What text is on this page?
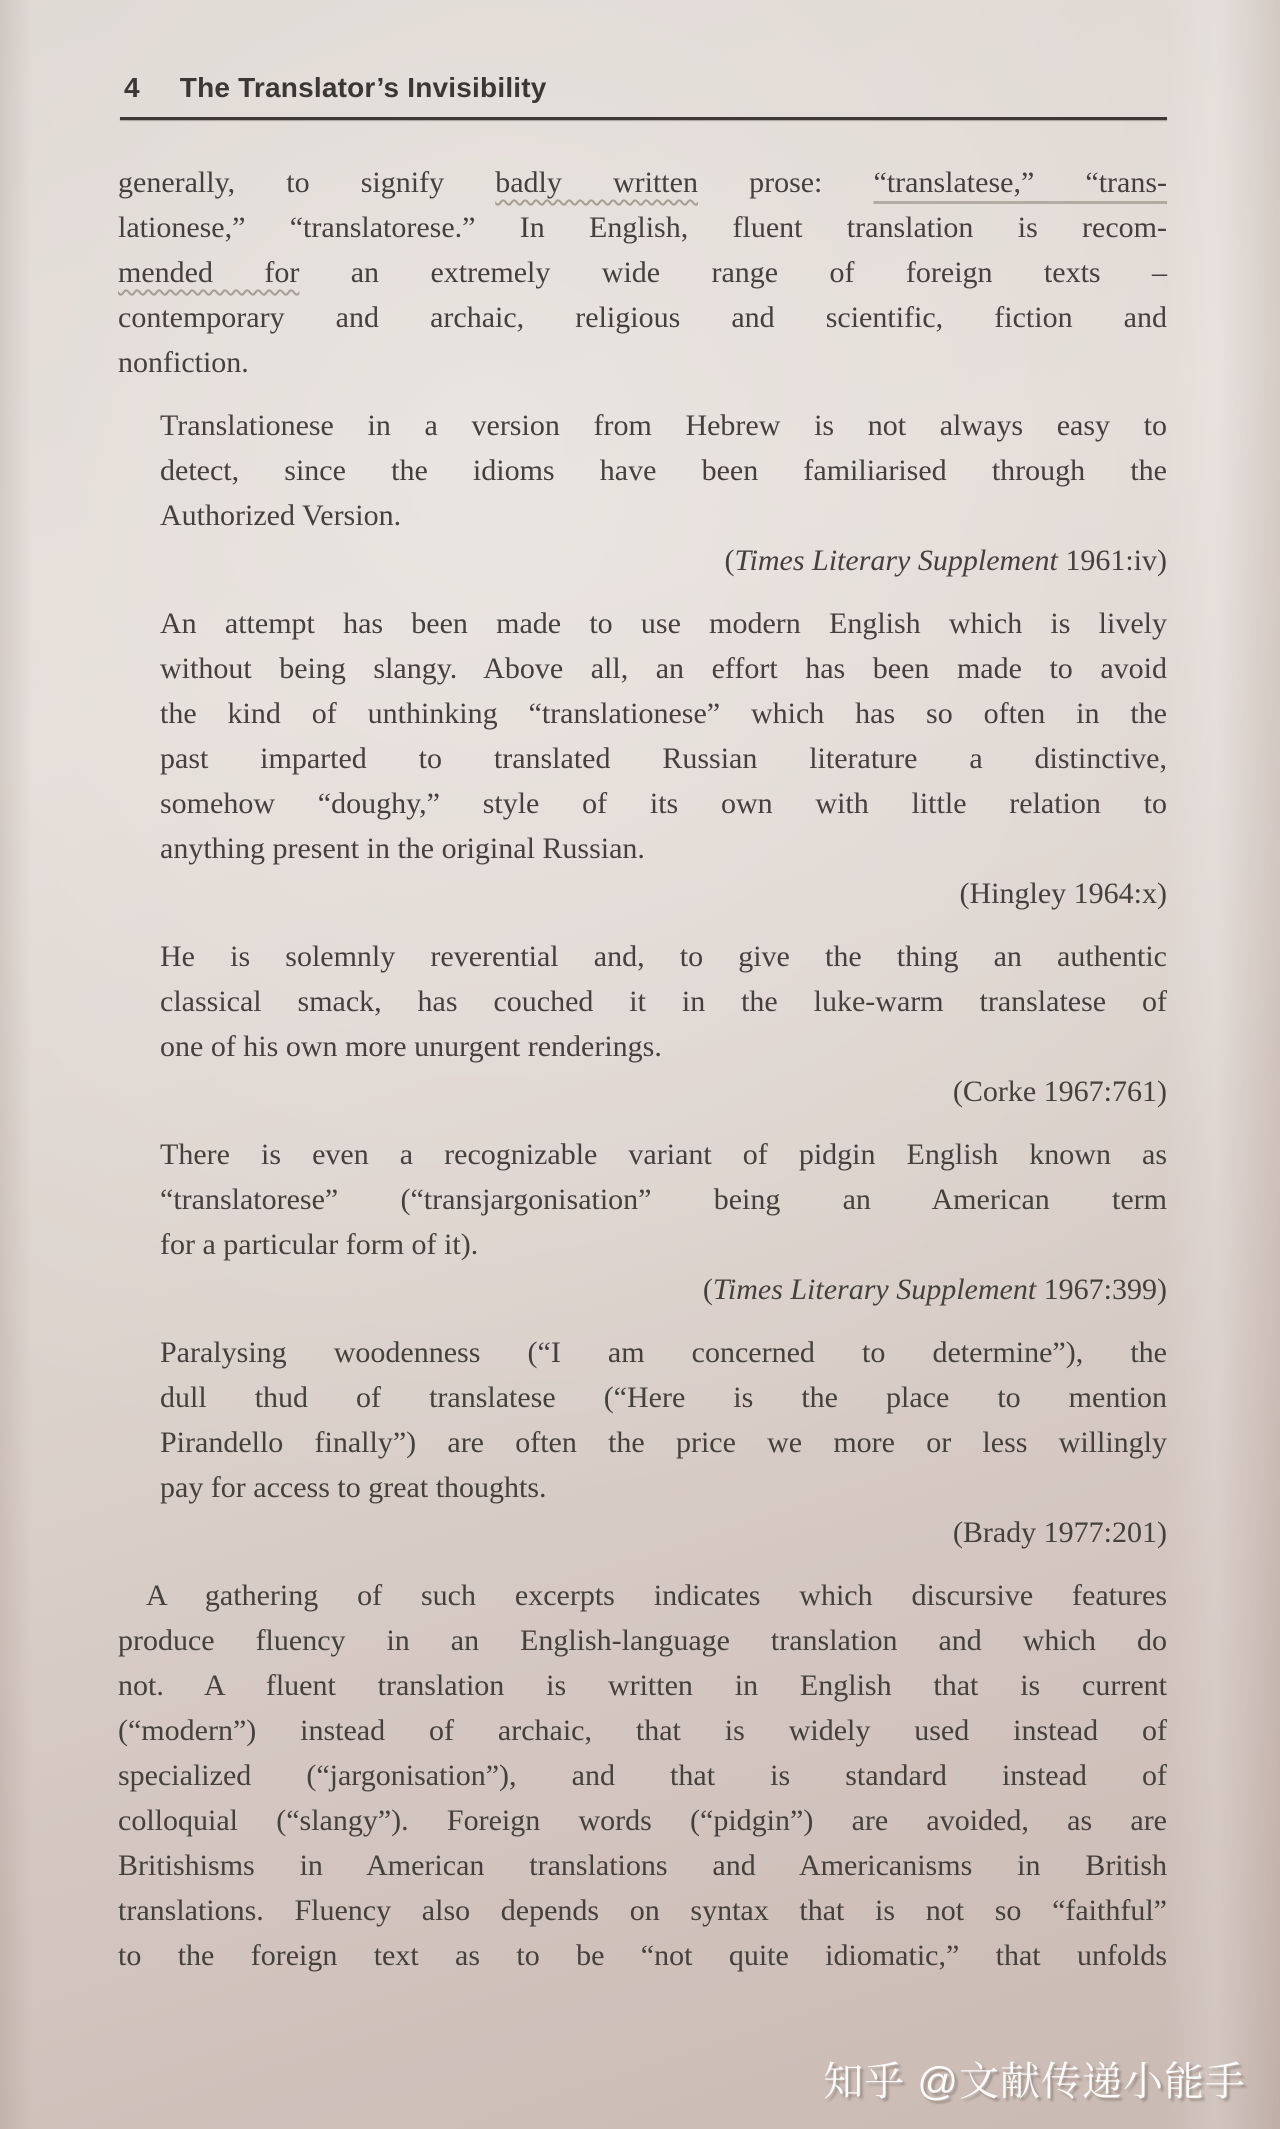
4 The Translator’s Invisibility
generally, to signify badly written prose: “translatese,” “trans-
lationese,” “translatorese.” In English, fluent translation is recom-
mended for an extremely wide range of foreign texts –
contemporary and archaic, religious and scientific, fiction and
nonfiction.
Translationese in a version from Hebrew is not always easy to
detect, since the idioms have been familiarised through the
Authorized Version.
(Times Literary Supplement 1961:iv)
An attempt has been made to use modern English which is lively
without being slangy. Above all, an effort has been made to avoid
the kind of unthinking “translationese” which has so often in the
past imparted to translated Russian literature a distinctive,
somehow “doughy,” style of its own with little relation to
anything present in the original Russian.
(Hingley 1964:x)
He is solemnly reverential and, to give the thing an authentic
classical smack, has couched it in the luke-warm translatese of
one of his own more unurgent renderings.
(Corke 1967:761)
There is even a recognizable variant of pidgin English known as
“translatorese” (“transjargonisation” being an American term
for a particular form of it).
(Times Literary Supplement 1967:399)
Paralysing woodenness (“I am concerned to determine”), the
dull thud of translatese (“Here is the place to mention
Pirandello finally”) are often the price we more or less willingly
pay for access to great thoughts.
(Brady 1977:201)
A gathering of such excerpts indicates which discursive features
produce fluency in an English-language translation and which do
not. A fluent translation is written in English that is current
(“modern”) instead of archaic, that is widely used instead of
specialized (“jargonisation”), and that is standard instead of
colloquial (“slangy”). Foreign words (“pidgin”) are avoided, as are
Britishisms in American translations and Americanisms in British
translations. Fluency also depends on syntax that is not so “faithful”
to the foreign text as to be “not quite idiomatic,” that unfolds
知乎 @文献传递小能手
